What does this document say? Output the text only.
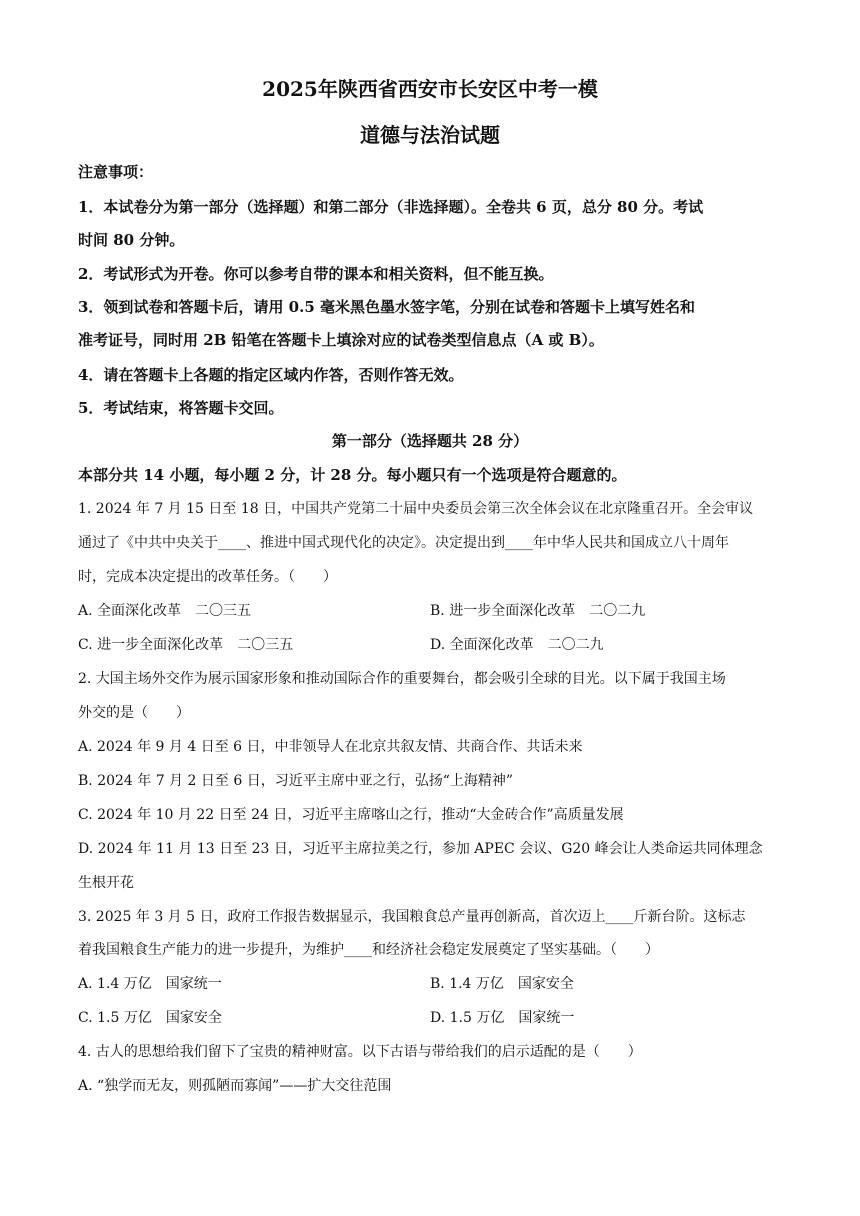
2025年陕西省西安市长安区中考一模
道德与法治试题
注意事项：
1．本试卷分为第一部分（选择题）和第二部分（非选择题）。全卷共 6 页，总分 80 分。考试
时间 80 分钟。
2．考试形式为开卷。你可以参考自带的课本和相关资料，但不能互换。
3．领到试卷和答题卡后，请用 0.5 毫米黑色墨水签字笔，分别在试卷和答题卡上填写姓名和
准考证号，同时用 2B 铅笔在答题卡上填涂对应的试卷类型信息点（A 或 B）。
4．请在答题卡上各题的指定区域内作答，否则作答无效。
5．考试结束，将答题卡交回。
第一部分（选择题共 28 分）
本部分共 14 小题，每小题 2 分，计 28 分。每小题只有一个选项是符合题意的。
1. 2024 年 7 月 15 日至 18 日，中国共产党第二十届中央委员会第三次全体会议在北京隆重召开。全会审议
通过了《中共中央关于____、推进中国式现代化的决定》。决定提出到____年中华人民共和国成立八十周年
时，完成本决定提出的改革任务。（　　）
A. 全面深化改革　二〇三五	B. 进一步全面深化改革　二〇二九
C. 进一步全面深化改革　二〇三五	D. 全面深化改革　二〇二九
2. 大国主场外交作为展示国家形象和推动国际合作的重要舞台，都会吸引全球的目光。以下属于我国主场
外交的是（　　）
A. 2024 年 9 月 4 日至 6 日，中非领导人在北京共叙友情、共商合作、共话未来
B. 2024 年 7 月 2 日至 6 日，习近平主席中亚之行，弘扬“上海精神”
C. 2024 年 10 月 22 日至 24 日，习近平主席喀山之行，推动“大金砖合作”高质量发展
D. 2024 年 11 月 13 日至 23 日，习近平主席拉美之行，参加 APEC 会议、G20 峰会让人类命运共同体理念
生根开花
3. 2025 年 3 月 5 日，政府工作报告数据显示，我国粮食总产量再创新高，首次迈上____斤新台阶。这标志
着我国粮食生产能力的进一步提升，为维护____和经济社会稳定发展奠定了坚实基础。（　　）
A. 1.4 万亿　国家统一	B. 1.4 万亿　国家安全
C. 1.5 万亿　国家安全	D. 1.5 万亿　国家统一
4. 古人的思想给我们留下了宝贵的精神财富。以下古语与带给我们的启示适配的是（　　）
A. “独学而无友，则孤陋而寡闻”——扩大交往范围
